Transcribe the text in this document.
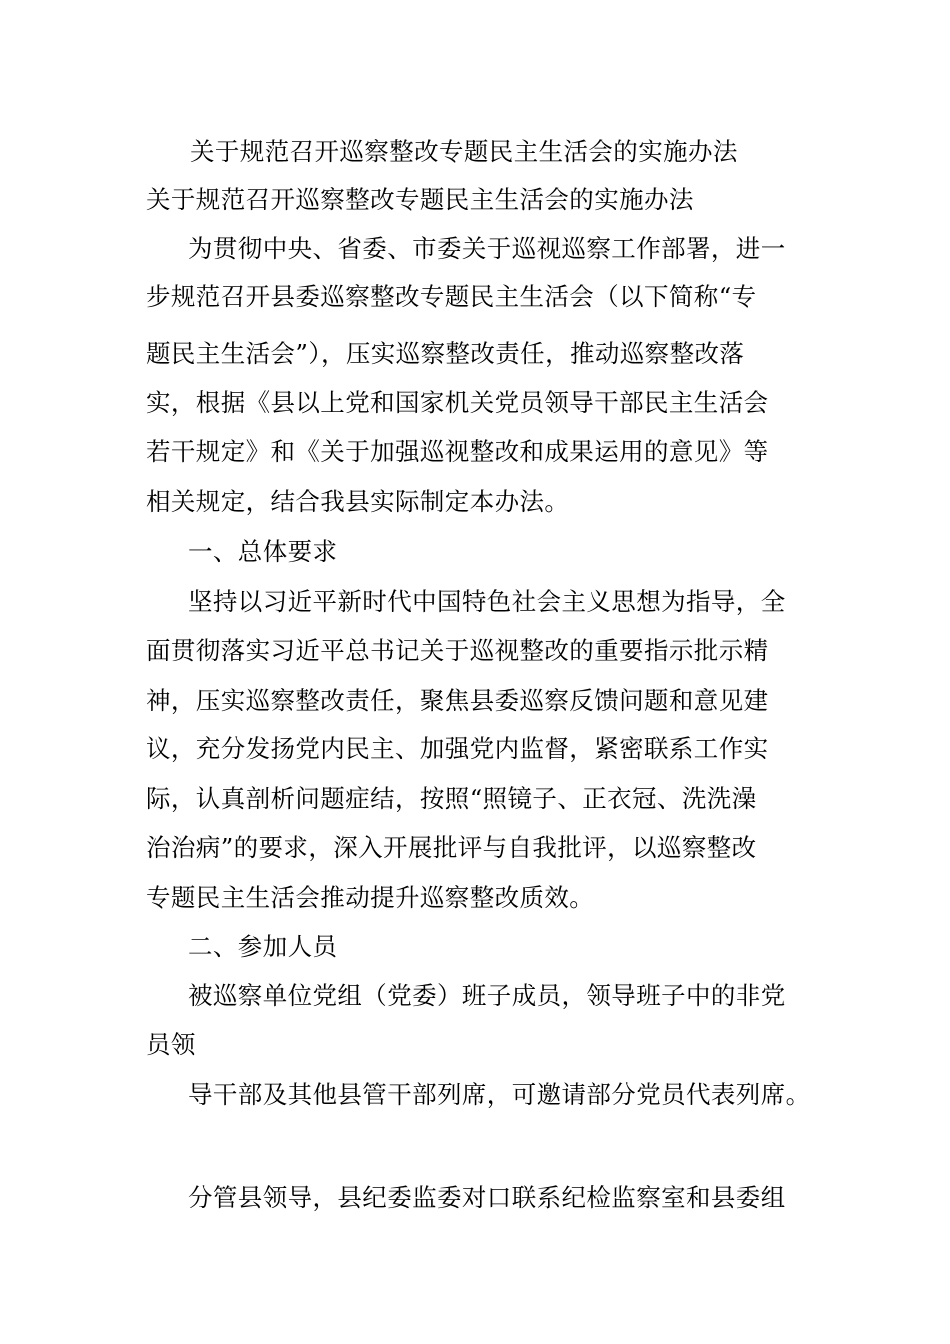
关于规范召开巡察整改专题民主生活会的实施办法
关于规范召开巡察整改专题民主生活会的实施办法
为贯彻中央、省委、市委关于巡视巡察工作部署，进一
步规范召开县委巡察整改专题民主生活会（以下简称“专
题民主生活会”），压实巡察整改责任，推动巡察整改落
实，根据《县以上党和国家机关党员领导干部民主生活会
若干规定》和《关于加强巡视整改和成果运用的意见》等
相关规定，结合我县实际制定本办法。
一、总体要求
坚持以习近平新时代中国特色社会主义思想为指导，全
面贯彻落实习近平总书记关于巡视整改的重要指示批示精
神，压实巡察整改责任，聚焦县委巡察反馈问题和意见建
议，充分发扬党内民主、加强党内监督，紧密联系工作实
际，认真剖析问题症结，按照“照镜子、正衣冠、洗洗澡
治治病”的要求，深入开展批评与自我批评，以巡察整改
专题民主生活会推动提升巡察整改质效。
二、参加人员
被巡察单位党组（党委）班子成员，领导班子中的非党
员领
导干部及其他县管干部列席，可邀请部分党员代表列席。
分管县领导，县纪委监委对口联系纪检监察室和县委组
